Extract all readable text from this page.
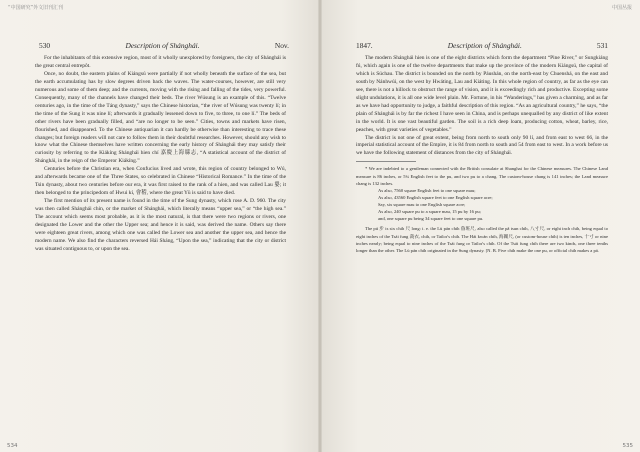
“中国研究”外文旧刊汇刊
530	Description of Shánghái.	Nov.

For the inhabitants of this extensive region, most of it wholly unexplored by foreigners, the city of Shánghái is the great central entrepôt.

Once, no doubt, the eastern plains of Kiángsú were partially if not wholly beneath the surface of the sea, but the earth accumulating has by slow degrees driven back the waves. The water-courses, however, are still very numerous and some of them deep; and the currents, moving with the rising and falling of the tides, very powerful. Consequently, many of the channels have changed their beds. The river Wúsung is an example of this. “Twelve centuries ago, in the time of the Táng dynasty,” says the Chinese historian, “the river of Wúsung was twenty lí; in the time of the Sung it was nine lí; afterwards it gradually lessened down to five, to three, to one lí.” The beds of other rivers have been gradually filled, and “are no longer to be seen.” Cities, towns and markets have risen, flourished, and disappeared. To the Chinese antiquarian it can hardly be otherwise than interesting to trace these changes; but foreign readers will not care to follow them in their doubtful researches. However, should any wish to know what the Chinese themselves have written concerning the early history of Shánghái they may satisfy their curiosity by referring to the Kiákíng Shánghái hien chí 嘉慶上海縣志, “A statistical account of the district of Shánghái, in the reign of the Emperor Kiákíng.”

Centuries before the Christian era, when Confucius lived and wrote, this region of country belonged to Wú, and afterwards became one of the Three States, so celebrated in Chinese “Historical Romance.” In the time of the Tsin dynasty, about two centuries before our era, it was first raised to the rank of a hien, and was called Lau 婁; it then belonged to the principedom of Hwui kí, 會稽, where the great Yü is said to have died.

The first mention of its present name is found in the time of the Sung dynasty, which rose A. D. 960. The city was then called Shánghái chin, or the market of Shánghái, which literally means “upper sea,” or “the high sea.” The account which seems most probable, as it is the most natural, is that there were two regions or rivers, one designated the Lower and the other the Upper sea; and hence it is said, was derived the name. Others say there were eighteen great rivers, among which one was called the Lower sea and another the upper sea, and hence the modern name. We also find the characters reversed Hái Sháng, “Upon the sea,” indicating that the city or district was situated contiguous to, or upon the sea.

534
中国丛报
1847.	Description of Shánghái.	531

The modern Shánghái hien is one of the eight districts which form the department “Pine River,” or Sungkiáng fú, which again is one of the twelve departments that make up the province of the modern Kiángsú, the capital of which is Súchau. The district is bounded on the north by Páushán, on the north-east by Chuenshá, on the east and south by Nánhwúi, on the west by Hwáting, Lau and Kiáting. In this whole region of country, as far as the eye can see, there is not a hillock to obstruct the range of vision, and it is exceedingly rich and productive. Excepting some slight undulations, it is all one wide level plain. Mr. Fortune, in his “Wanderings,” has given a charming, and as far as we have had opportunity to judge, a faithful description of this region. “As an agricultural country,” he says, “the plain of Shánghái is by far the richest I have seen in China, and is perhaps unequalled by any district of like extent in the world. It is one vast beautiful garden. The soil is a rich deep loam, producing cotton, wheat, barley, rice, peaches, with great varieties of vegetables.”

The district is not one of great extent, being from north to south only 90 lí, and from east to west 66, in the imperial statistical account of the Empire, it is 84 from north to south and 54 from east to west. In a work before us we have the following statement of distances from the city of Shánghái.

* We are indebted to a gentleman connected with the British consulate at Shanghai for the Chinese measures. The Chinese Land measure is 86 inches, or 5¾ English feet to the pu, and two pu to a chang. The custom-house chang is 141 inches; the Land measure chang is 132 inches.

As also, 7560 square English feet to one square mau;
As also, 43560 English square feet to one English square acre;
Say, six square mau to one English square acre;
As also, 240 square pu to a square mau, 15 pu by 16 pu;
and, one square pu being 34 square feet to one square pu.

The pú 步 is six chih 尺 long: i. e. the Lü pán chih 魯班尺, also called the pâ tsun chih, 八寸尺, or eight inch chih, being equal to eight inches of the Tsái fung 裁衣, chih, or Tailor's chih. The Hái kwán chih, 海關尺, (or custom-house chih) is ten inches, 十寸 or nine inches nearly; being equal to nine inches of the Tsái fung or Tailor's chih. Of the Tsái fung chih there are two kinds, one three tenths longer than the other. The Lü pán chih originated in the Sung dynasty. [N. B. Five chih make the one pu, or official chih makes a pá.

535
